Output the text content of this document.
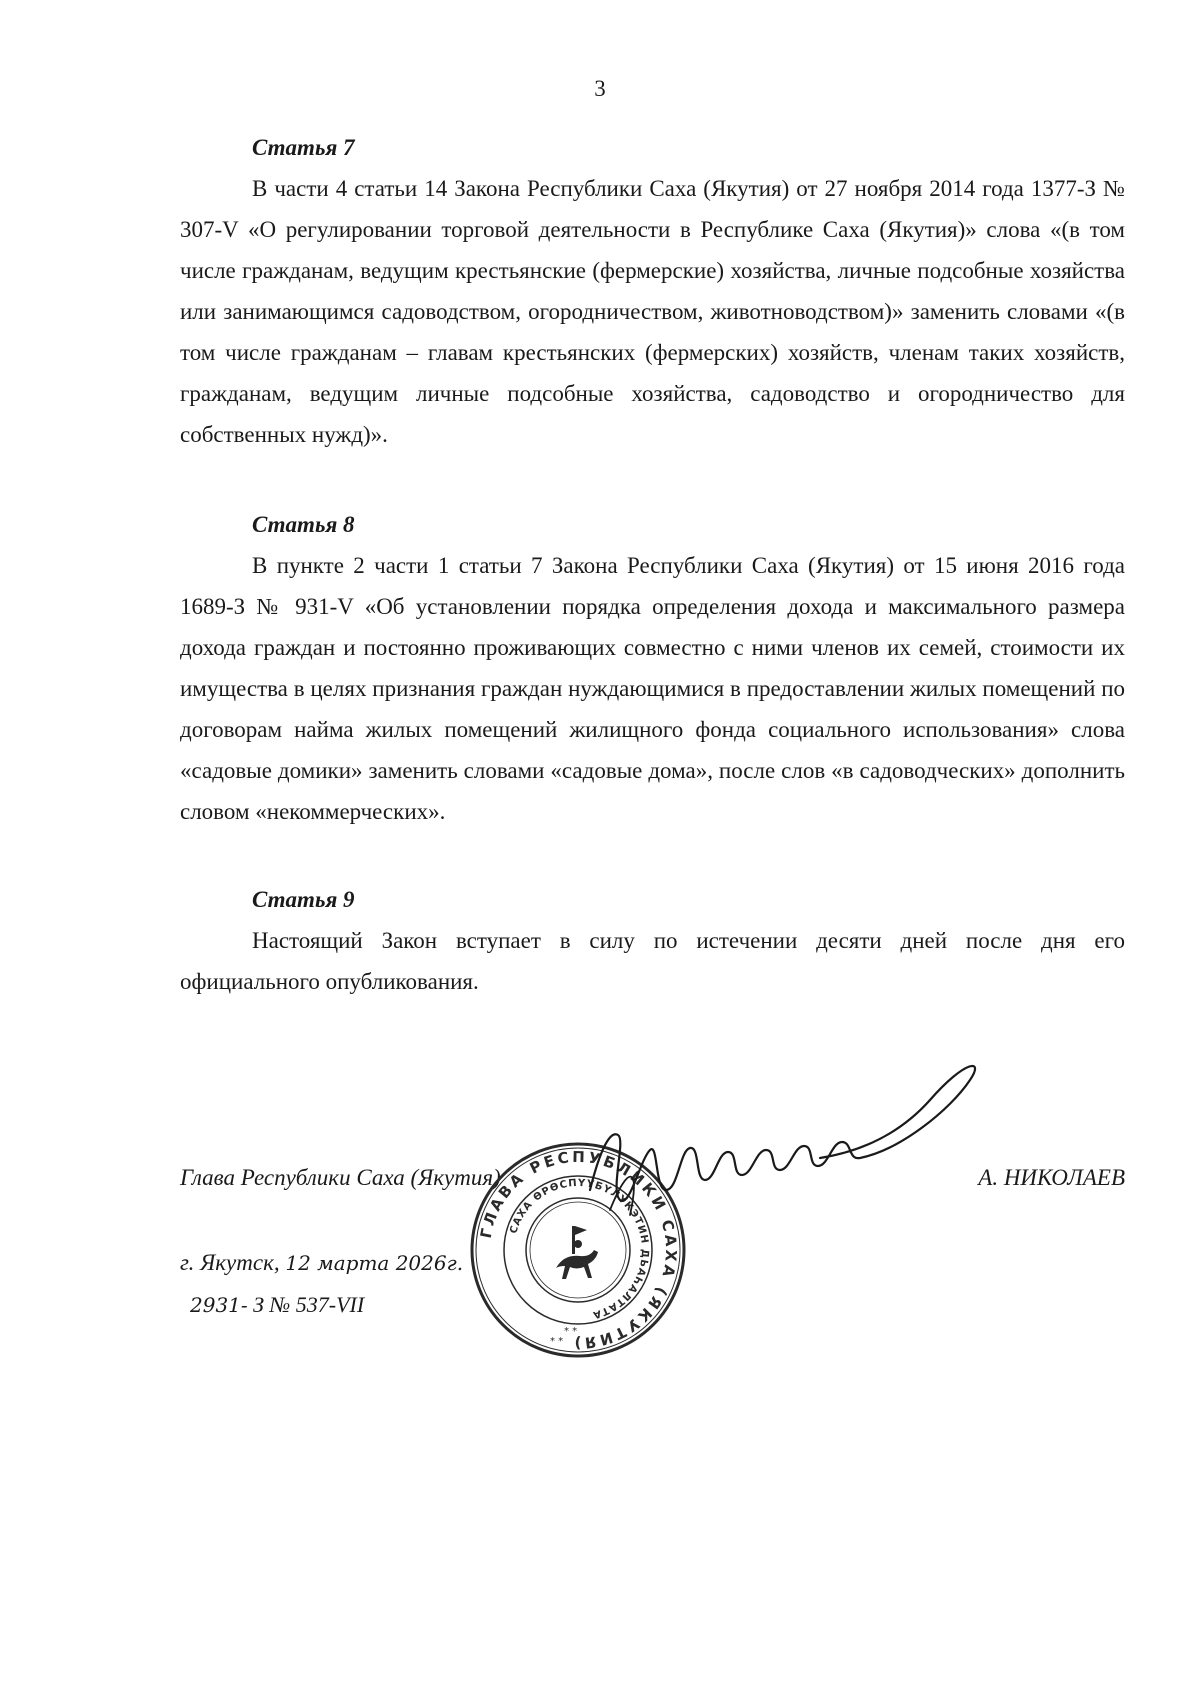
3
Статья 7

В части 4 статьи 14 Закона Республики Саха (Якутия) от 27 ноября 2014 года 1377-З № 307-V «О регулировании торговой деятельности в Республике Саха (Якутия)» слова «(в том числе гражданам, ведущим крестьянские (фермерские) хозяйства, личные подсобные хозяйства или занимающимся садоводством, огородничеством, животноводством)» заменить словами «(в том числе гражданам – главам крестьянских (фермерских) хозяйств, членам таких хозяйств, гражданам, ведущим личные подсобные хозяйства, садоводство и огородничество для собственных нужд)».

Статья 8

В пункте 2 части 1 статьи 7 Закона Республики Саха (Якутия) от 15 июня 2016 года 1689-З № 931-V «Об установлении порядка определения дохода и максимального размера дохода граждан и постоянно проживающих совместно с ними членов их семей, стоимости их имущества в целях признания граждан нуждающимися в предоставлении жилых помещений по договорам найма жилых помещений жилищного фонда социального использования» слова «садовые домики» заменить словами «садовые дома», после слов «в садоводческих» дополнить словом «некоммерческих».

Статья 9

Настоящий Закон вступает в силу по истечении десяти дней после дня его официального опубликования.

Глава Республики Саха (Якутия)	А. НИКОЛАЕВ
г. Якутск, 12 марта 2026г.
2931- З № 537-VII
ГЛАВА РЕСПУБЛИКИ САХА (ЯКУТИЯ)
САХА ӨРӨСПҮҮБҮЛҮКЭТИН ДЬАҺАЛТАТА
* *
* *
